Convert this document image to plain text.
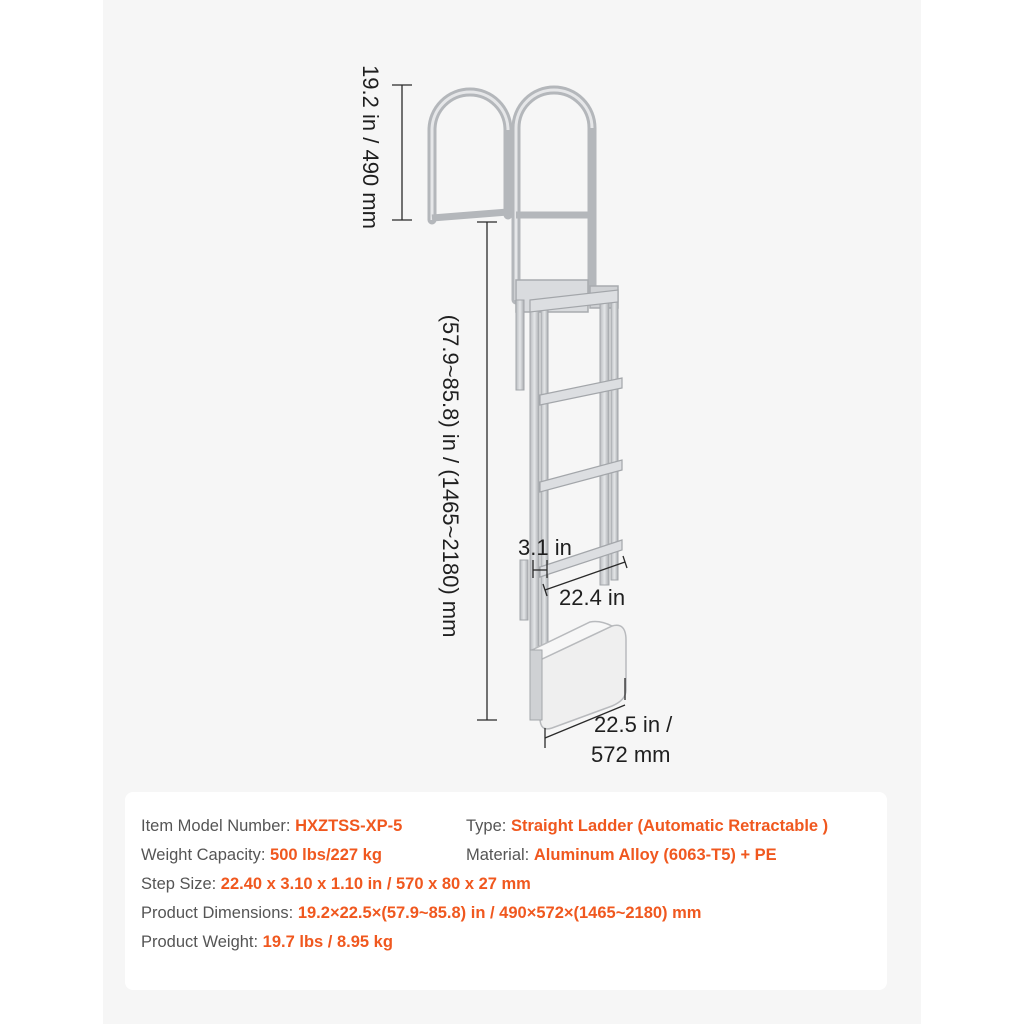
19.2 in / 490 mm
(57.9~85.8) in / (1465~2180) mm	3.1 in
22.4 in
22.5 in /
572 mm
Item Model Number: HXZTSS-XP-5	Type: Straight Ladder (Automatic Retractable )
Weight Capacity: 500 lbs/227 kg	Material: Aluminum Alloy (6063-T5) + PE
Step Size: 22.40 x 3.10 x 1.10 in / 570 x 80 x 27 mm
Product Dimensions: 19.2×22.5×(57.9~85.8) in / 490×572×(1465~2180) mm
Product Weight: 19.7 lbs / 8.95 kg
